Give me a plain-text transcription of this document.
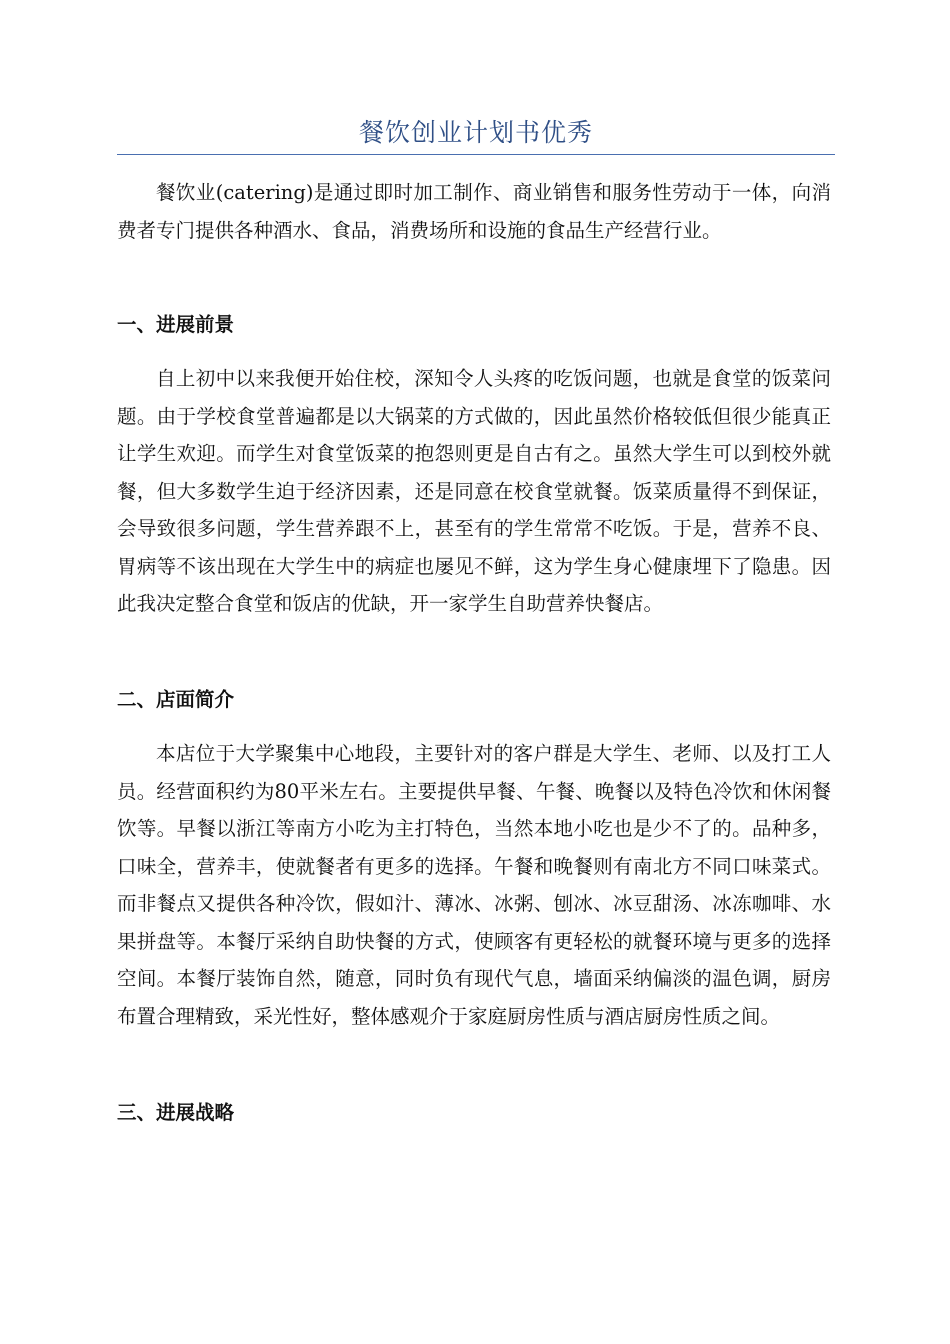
餐饮创业计划书优秀

餐饮业(catering)是通过即时加工制作、商业销售和服务性劳动于一体，向消费者专门提供各种酒水、食品，消费场所和设施的食品生产经营行业。

一、进展前景

自上初中以来我便开始住校，深知令人头疼的吃饭问题，也就是食堂的饭菜问题。由于学校食堂普遍都是以大锅菜的方式做的，因此虽然价格较低但很少能真正让学生欢迎。而学生对食堂饭菜的抱怨则更是自古有之。虽然大学生可以到校外就餐，但大多数学生迫于经济因素，还是同意在校食堂就餐。饭菜质量得不到保证，会导致很多问题，学生营养跟不上，甚至有的学生常常不吃饭。于是，营养不良、胃病等不该出现在大学生中的病症也屡见不鲜，这为学生身心健康埋下了隐患。因此我决定整合食堂和饭店的优缺，开一家学生自助营养快餐店。

二、店面简介

本店位于大学聚集中心地段，主要针对的客户群是大学生、老师、以及打工人员。经营面积约为80平米左右。主要提供早餐、午餐、晚餐以及特色冷饮和休闲餐饮等。早餐以浙江等南方小吃为主打特色，当然本地小吃也是少不了的。品种多，口味全，营养丰，使就餐者有更多的选择。午餐和晚餐则有南北方不同口味菜式。而非餐点又提供各种冷饮，假如汁、薄冰、冰粥、刨冰、冰豆甜汤、冰冻咖啡、水果拼盘等。本餐厅采纳自助快餐的方式，使顾客有更轻松的就餐环境与更多的选择空间。本餐厅装饰自然，随意，同时负有现代气息，墙面采纳偏淡的温色调，厨房布置合理精致，采光性好，整体感观介于家庭厨房性质与酒店厨房性质之间。

三、进展战略
